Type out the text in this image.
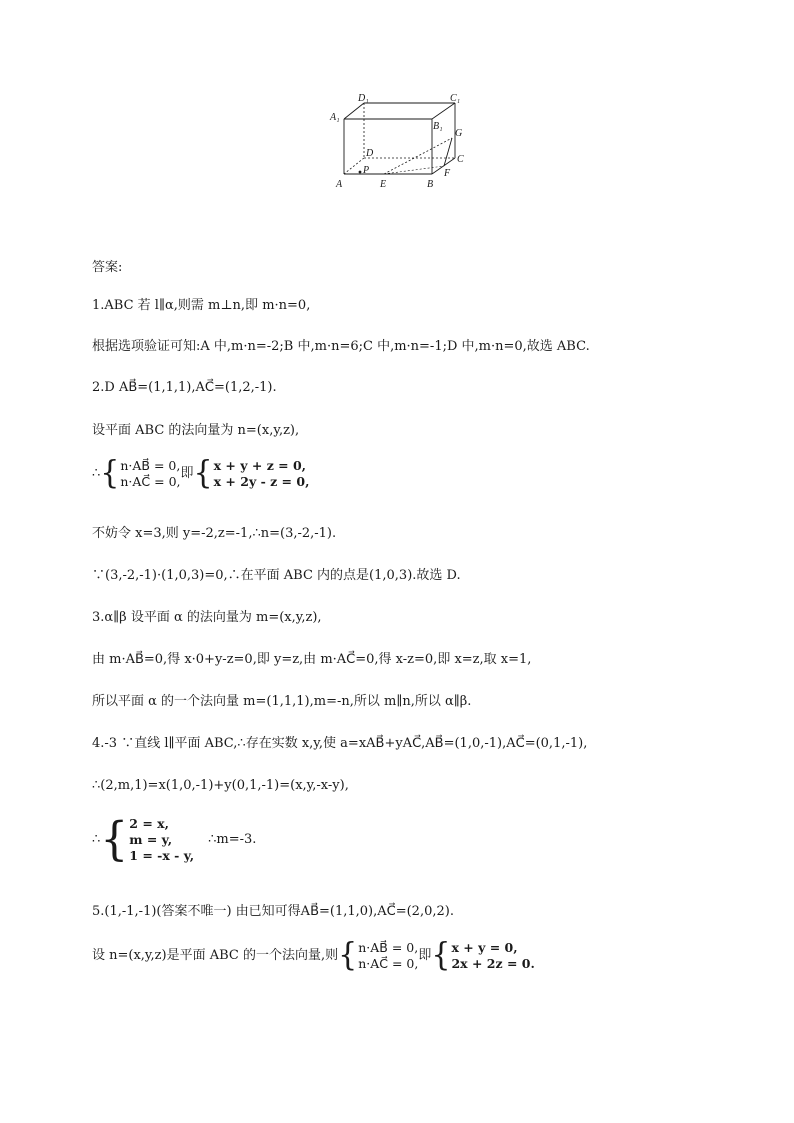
D₁	C₁
A₁
B₁
G
C
D
P	F
A	E	B
答案:
1.ABC 若 l∥α,则需 m⊥n,即 m·n=0,
根据选项验证可知:A 中,m·n=-2;B 中,m·n=6;C 中,m·n=-1;D 中,m·n=0,故选 ABC.
2.D AB⃗=(1,1,1),AC⃗=(1,2,-1).
设平面 ABC 的法向量为 n=(x,y,z),
∴ { n·AB⃗ = 0,
n·AC⃗ = 0,
即 { x + y + z = 0,
x + 2y - z = 0,
不妨令 x=3,则 y=-2,z=-1,∴n=(3,-2,-1).
∵(3,-2,-1)·(1,0,3)=0,∴在平面 ABC 内的点是(1,0,3).故选 D.
3.α∥β 设平面 α 的法向量为 m=(x,y,z),
由 m·AB⃗=0,得 x·0+y-z=0,即 y=z,由 m·AC⃗=0,得 x-z=0,即 x=z,取 x=1,
所以平面 α 的一个法向量 m=(1,1,1),m=-n,所以 m∥n,所以 α∥β.
4.-3 ∵直线 l∥平面 ABC,∴存在实数 x,y,使 a=xAB⃗+yAC⃗,AB⃗=(1,0,-1),AC⃗=(0,1,-1),
∴(2,m,1)=x(1,0,-1)+y(0,1,-1)=(x,y,-x-y),
∴ { 2 = x,
m = y,
1 = -x - y,
∴m=-3.
5.(1,-1,-1)(答案不唯一) 由已知可得AB⃗=(1,1,0),AC⃗=(2,0,2).
设 n=(x,y,z)是平面 ABC 的一个法向量,则 { n·AB⃗ = 0,
n·AC⃗ = 0,
即 { x + y = 0,
2x + 2z = 0.
